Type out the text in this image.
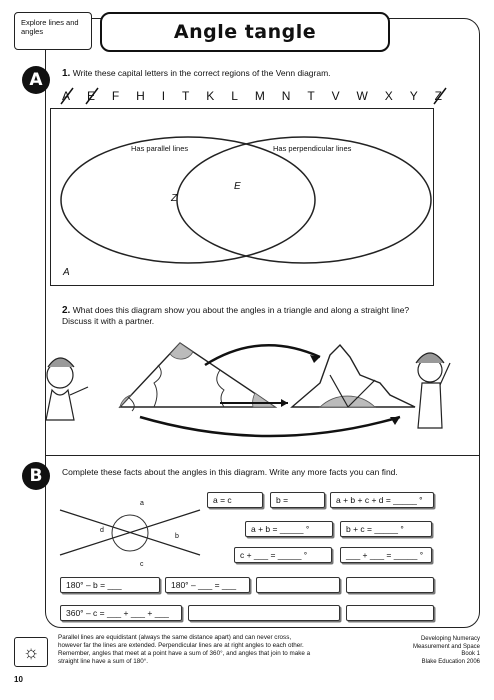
Explore lines and angles	Angle tangle
A	1. Write these capital letters in the correct regions of the Venn diagram.
A E F H I T K L M N T V W X Y Z
Has parallel lines	Has perpendicular lines
Z
E
A
2. What does this diagram show you about the angles in a triangle and along a straight line? Discuss it with a partner.
B	Complete these facts about the angles in this diagram. Write any more facts you can find.
a
b
c
d
a = c	b =	a + b + c + d = _____ °
a + b = _____ °	b + c = _____ °
c + ___ = _____ °	___ + ___ = _____ °
180° – b = ___	180° – ___ = ___
360° – c = ___ + ___ + ___
☼
Parallel lines are equidistant (always the same distance apart) and can never cross, however far the lines are extended. Perpendicular lines are at right angles to each other. Remember, angles that meet at a point have a sum of 360°, and angles that join to make a straight line have a sum of 180°.
Developing Numeracy
Measurement and Space
Book 1
Blake Education 2006
10
